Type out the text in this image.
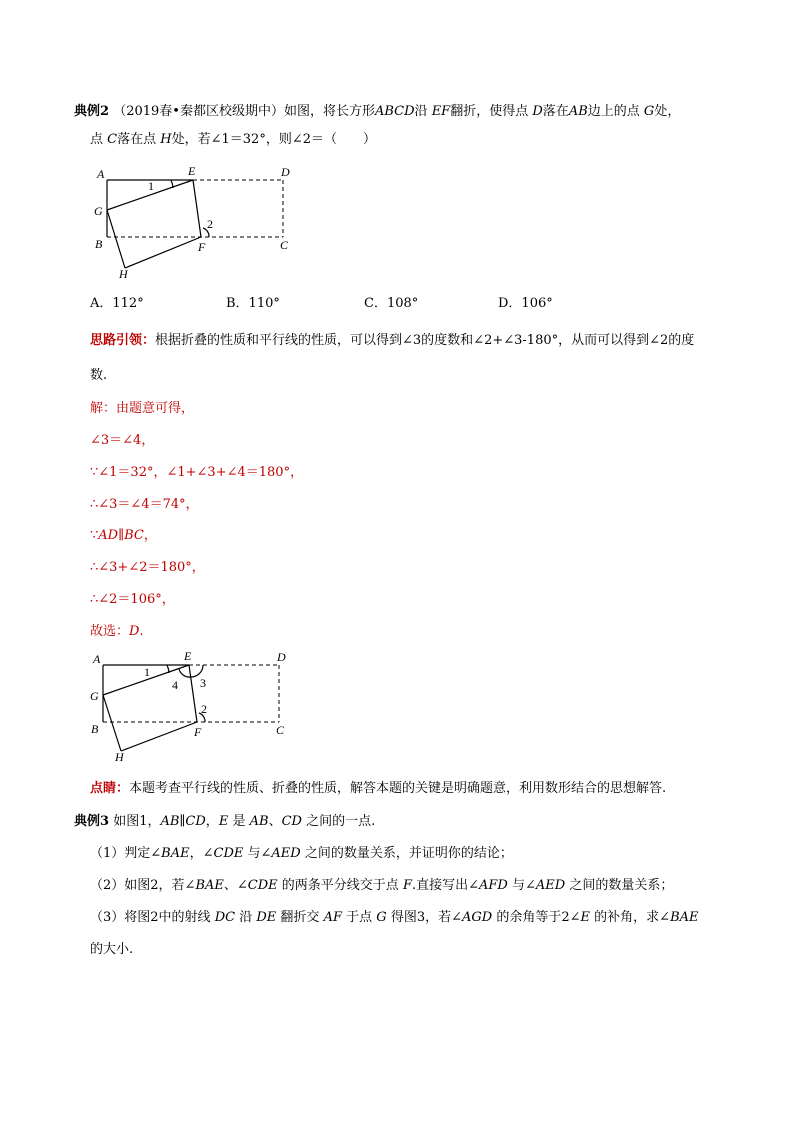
典例2 （2019春•秦都区校级期中）如图，将长方形ABCD沿 EF翻折，使得点 D落在AB边上的点 G处，
点 C落在点 H处，若∠1＝32°，则∠2＝（　　）
A	E	D
G
B	F	C
H
1
2
A．112°	B．110°	C．108°	D．106°
思路引领：根据折叠的性质和平行线的性质，可以得到∠3的度数和∠2+∠3-180°，从而可以得到∠2的度
数.
解：由题意可得，
∠3＝∠4，
∵∠1＝32°，∠1+∠3+∠4＝180°，
∴∠3＝∠4＝74°，
∵AD∥BC，
∴∠3+∠2＝180°，
∴∠2＝106°，
故选：D.
A	E	D
G
B	F	C
H
1
2
3
4
点睛：本题考查平行线的性质、折叠的性质，解答本题的关键是明确题意，利用数形结合的思想解答.
典例3 如图1，AB∥CD，E 是 AB、CD 之间的一点.
（1）判定∠BAE，∠CDE 与∠AED 之间的数量关系，并证明你的结论；
（2）如图2，若∠BAE、∠CDE 的两条平分线交于点 F.直接写出∠AFD 与∠AED 之间的数量关系；
（3）将图2中的射线 DC 沿 DE 翻折交 AF 于点 G 得图3，若∠AGD 的余角等于2∠E 的补角，求∠BAE
的大小.
